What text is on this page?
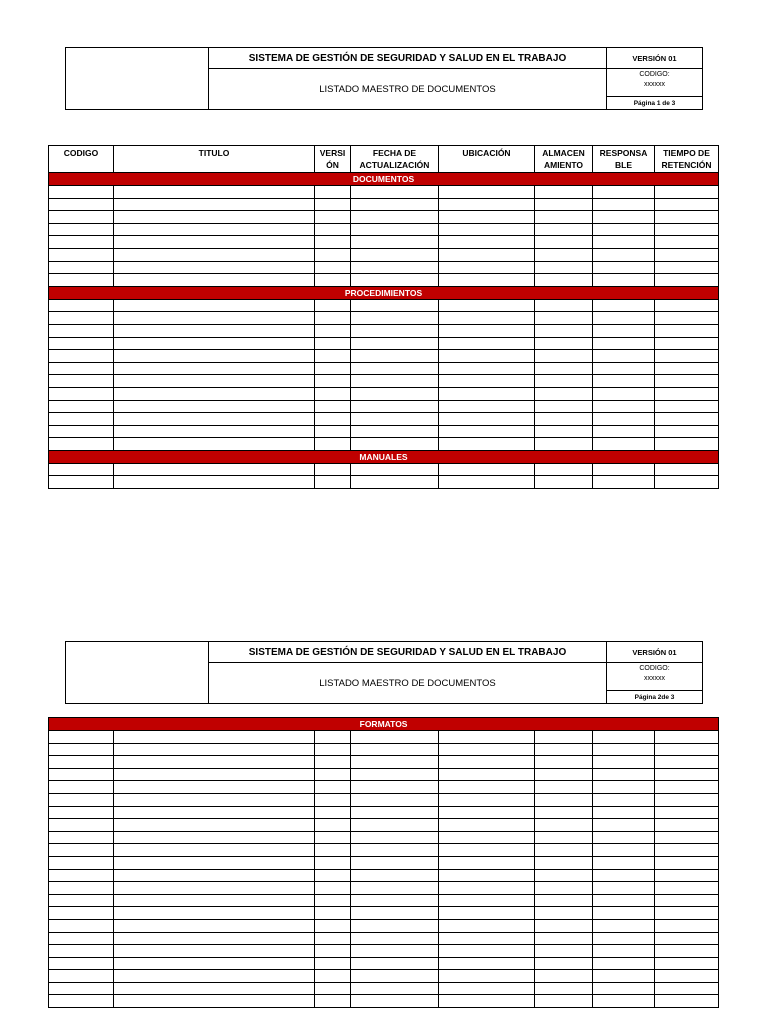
SISTEMA DE GESTIÓN DE SEGURIDAD Y SALUD EN EL TRABAJO	VERSIÓN 01
LISTADO MAESTRO DE DOCUMENTOS
CODIGO:
xxxxxx
Página 1 de 3
CODIGO	TITULO	VERSI ÓN	FECHA DE ACTUALIZACIÓN	UBICACIÓN	ALMACEN AMIENTO	RESPONSA BLE	TIEMPO DE RETENCIÓN
DOCUMENTOS							

PROCEDIMIENTOS							

MANUALES							

SISTEMA DE GESTIÓN DE SEGURIDAD Y SALUD EN EL TRABAJO	VERSIÓN 01
LISTADO MAESTRO DE DOCUMENTOS
CODIGO:
xxxxxx
Página 2de 3
FORMATOS							
